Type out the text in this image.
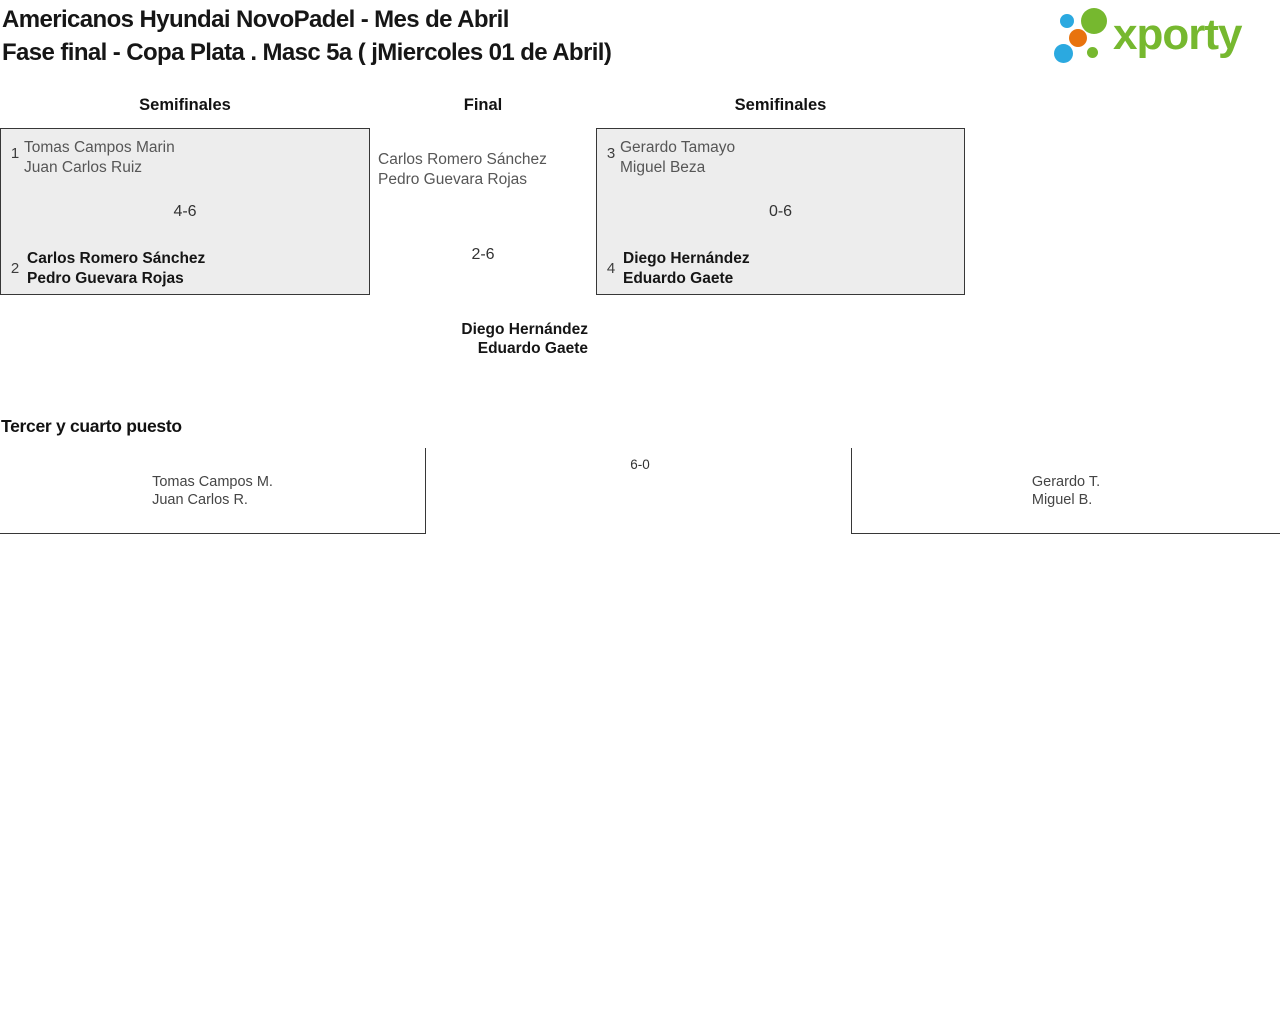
Americanos Hyundai NovoPadel - Mes de Abril
Fase final - Copa Plata . Masc 5a ( jMiercoles 01 de Abril)	xporty
Semifinales	Final	Semifinales
1 Tomas Campos Marin
Juan Carlos Ruiz
4-6
2
Carlos Romero Sánchez
Pedro Guevara Rojas
Carlos Romero Sánchez
Pedro Guevara Rojas
2-6
Diego Hernández
Eduardo Gaete
3 Gerardo Tamayo
Miguel Beza
0-6
4
Diego Hernández
Eduardo Gaete
Tercer y cuarto puesto
Tomas Campos M.
Juan Carlos R.
6-0
Gerardo T.
Miguel B.
